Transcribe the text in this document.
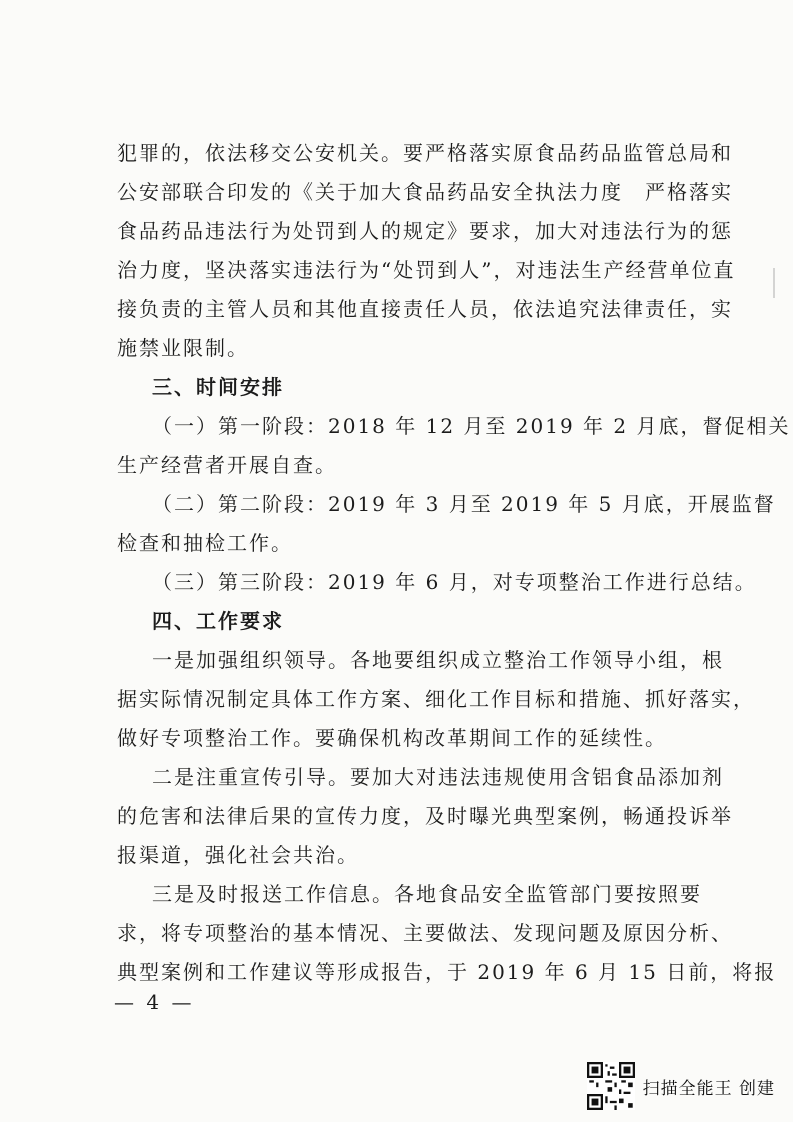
犯罪的，依法移交公安机关。要严格落实原食品药品监管总局和
公安部联合印发的《关于加大食品药品安全执法力度　严格落实
食品药品违法行为处罚到人的规定》要求，加大对违法行为的惩
治力度，坚决落实违法行为“处罚到人”，对违法生产经营单位直
接负责的主管人员和其他直接责任人员，依法追究法律责任，实
施禁业限制。
三、时间安排
（一）第一阶段：2018 年 12 月至 2019 年 2 月底，督促相关
生产经营者开展自查。
（二）第二阶段：2019 年 3 月至 2019 年 5 月底，开展监督
检查和抽检工作。
（三）第三阶段：2019 年 6 月，对专项整治工作进行总结。
四、工作要求
一是加强组织领导。各地要组织成立整治工作领导小组，根
据实际情况制定具体工作方案、细化工作目标和措施、抓好落实，
做好专项整治工作。要确保机构改革期间工作的延续性。
二是注重宣传引导。要加大对违法违规使用含铝食品添加剂
的危害和法律后果的宣传力度，及时曝光典型案例，畅通投诉举
报渠道，强化社会共治。
三是及时报送工作信息。各地食品安全监管部门要按照要
求，将专项整治的基本情况、主要做法、发现问题及原因分析、
典型案例和工作建议等形成报告，于 2019 年 6 月 15 日前，将报
— 4 —
扫描全能王 创建
